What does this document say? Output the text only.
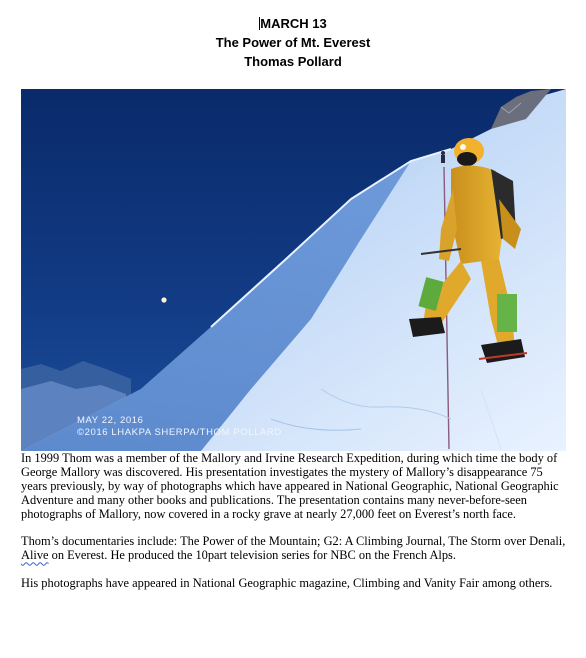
MARCH 13
The Power of Mt. Everest
Thomas Pollard
MAY 22, 2016
©2016 LHAKPA SHERPA/THOM POLLARD

In 1999 Thom was a member of the Mallory and Irvine Research Expedition, during which time the body of George Mallory was discovered. His presentation investigates the mystery of Mallory’s disappearance 75 years previously, by way of photographs which have appeared in National Geographic, National Geographic Adventure and many other books and publications. The presentation contains many never-before-seen photographs of Mallory, now covered in a rocky grave at nearly 27,000 feet on Everest’s north face.

Thom’s documentaries include: The Power of the Mountain; G2: A Climbing Journal, The Storm over Denali, Alive on Everest. He produced the 10part television series for NBC on the French Alps.

His photographs have appeared in National Geographic magazine, Climbing and Vanity Fair among others.
